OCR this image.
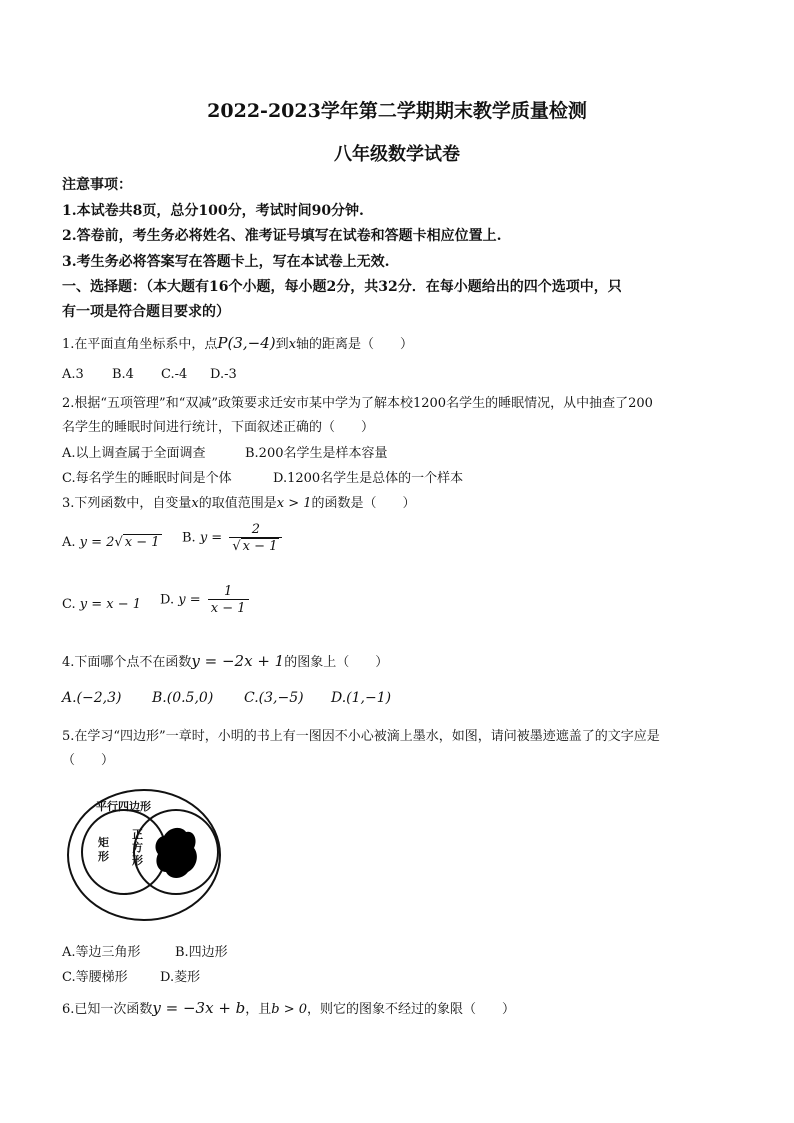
2022-2023学年第二学期期末教学质量检测
八年级数学试卷
注意事项：
1.本试卷共8页，总分100分，考试时间90分钟.
2.答卷前，考生务必将姓名、准考证号填写在试卷和答题卡相应位置上.
3.考生务必将答案写在答题卡上，写在本试卷上无效.
一、选择题：（本大题有16个小题，每小题2分，共32分．在每小题给出的四个选项中，只
有一项是符合题目要求的）
1.在平面直角坐标系中，点P(3,−4)到x轴的距离是（　　）
A.3 B.4 C.-4 D.-3
2.根据“五项管理”和“双减”政策要求迁安市某中学为了解本校1200名学生的睡眠情况，从中抽查了200
名学生的睡眠时间进行统计，下面叙述正确的（　　）
A.以上调查属于全面调查	B.200名学生是样本容量
C.每名学生的睡眠时间是个体	D.1200名学生是总体的一个样本
3.下列函数中，自变量x的取值范围是x > 1的函数是（　　）
A. y = 2√ x − 1 B. $y = \frac{2}{√ x - 1}$
C. y = x − 1 D. $y = \frac{1}{x - 1}$
4.下面哪个点不在函数y = −2x + 1的图象上（　　）
A.(−2,3) B.(0.5,0) C.(3,−5) D.(1,−1)
5.在学习“四边形”一章时，小明的书上有一图因不小心被滴上墨水，如图，请问被墨迹遮盖了的文字应是
（　　）
平行四边形
矩
形
正
方
形
A.等边三角形	B.四边形
C.等腰梯形 D.菱形
6.已知一次函数y = −3x + b，且b > 0，则它的图象不经过的象限（　　）
